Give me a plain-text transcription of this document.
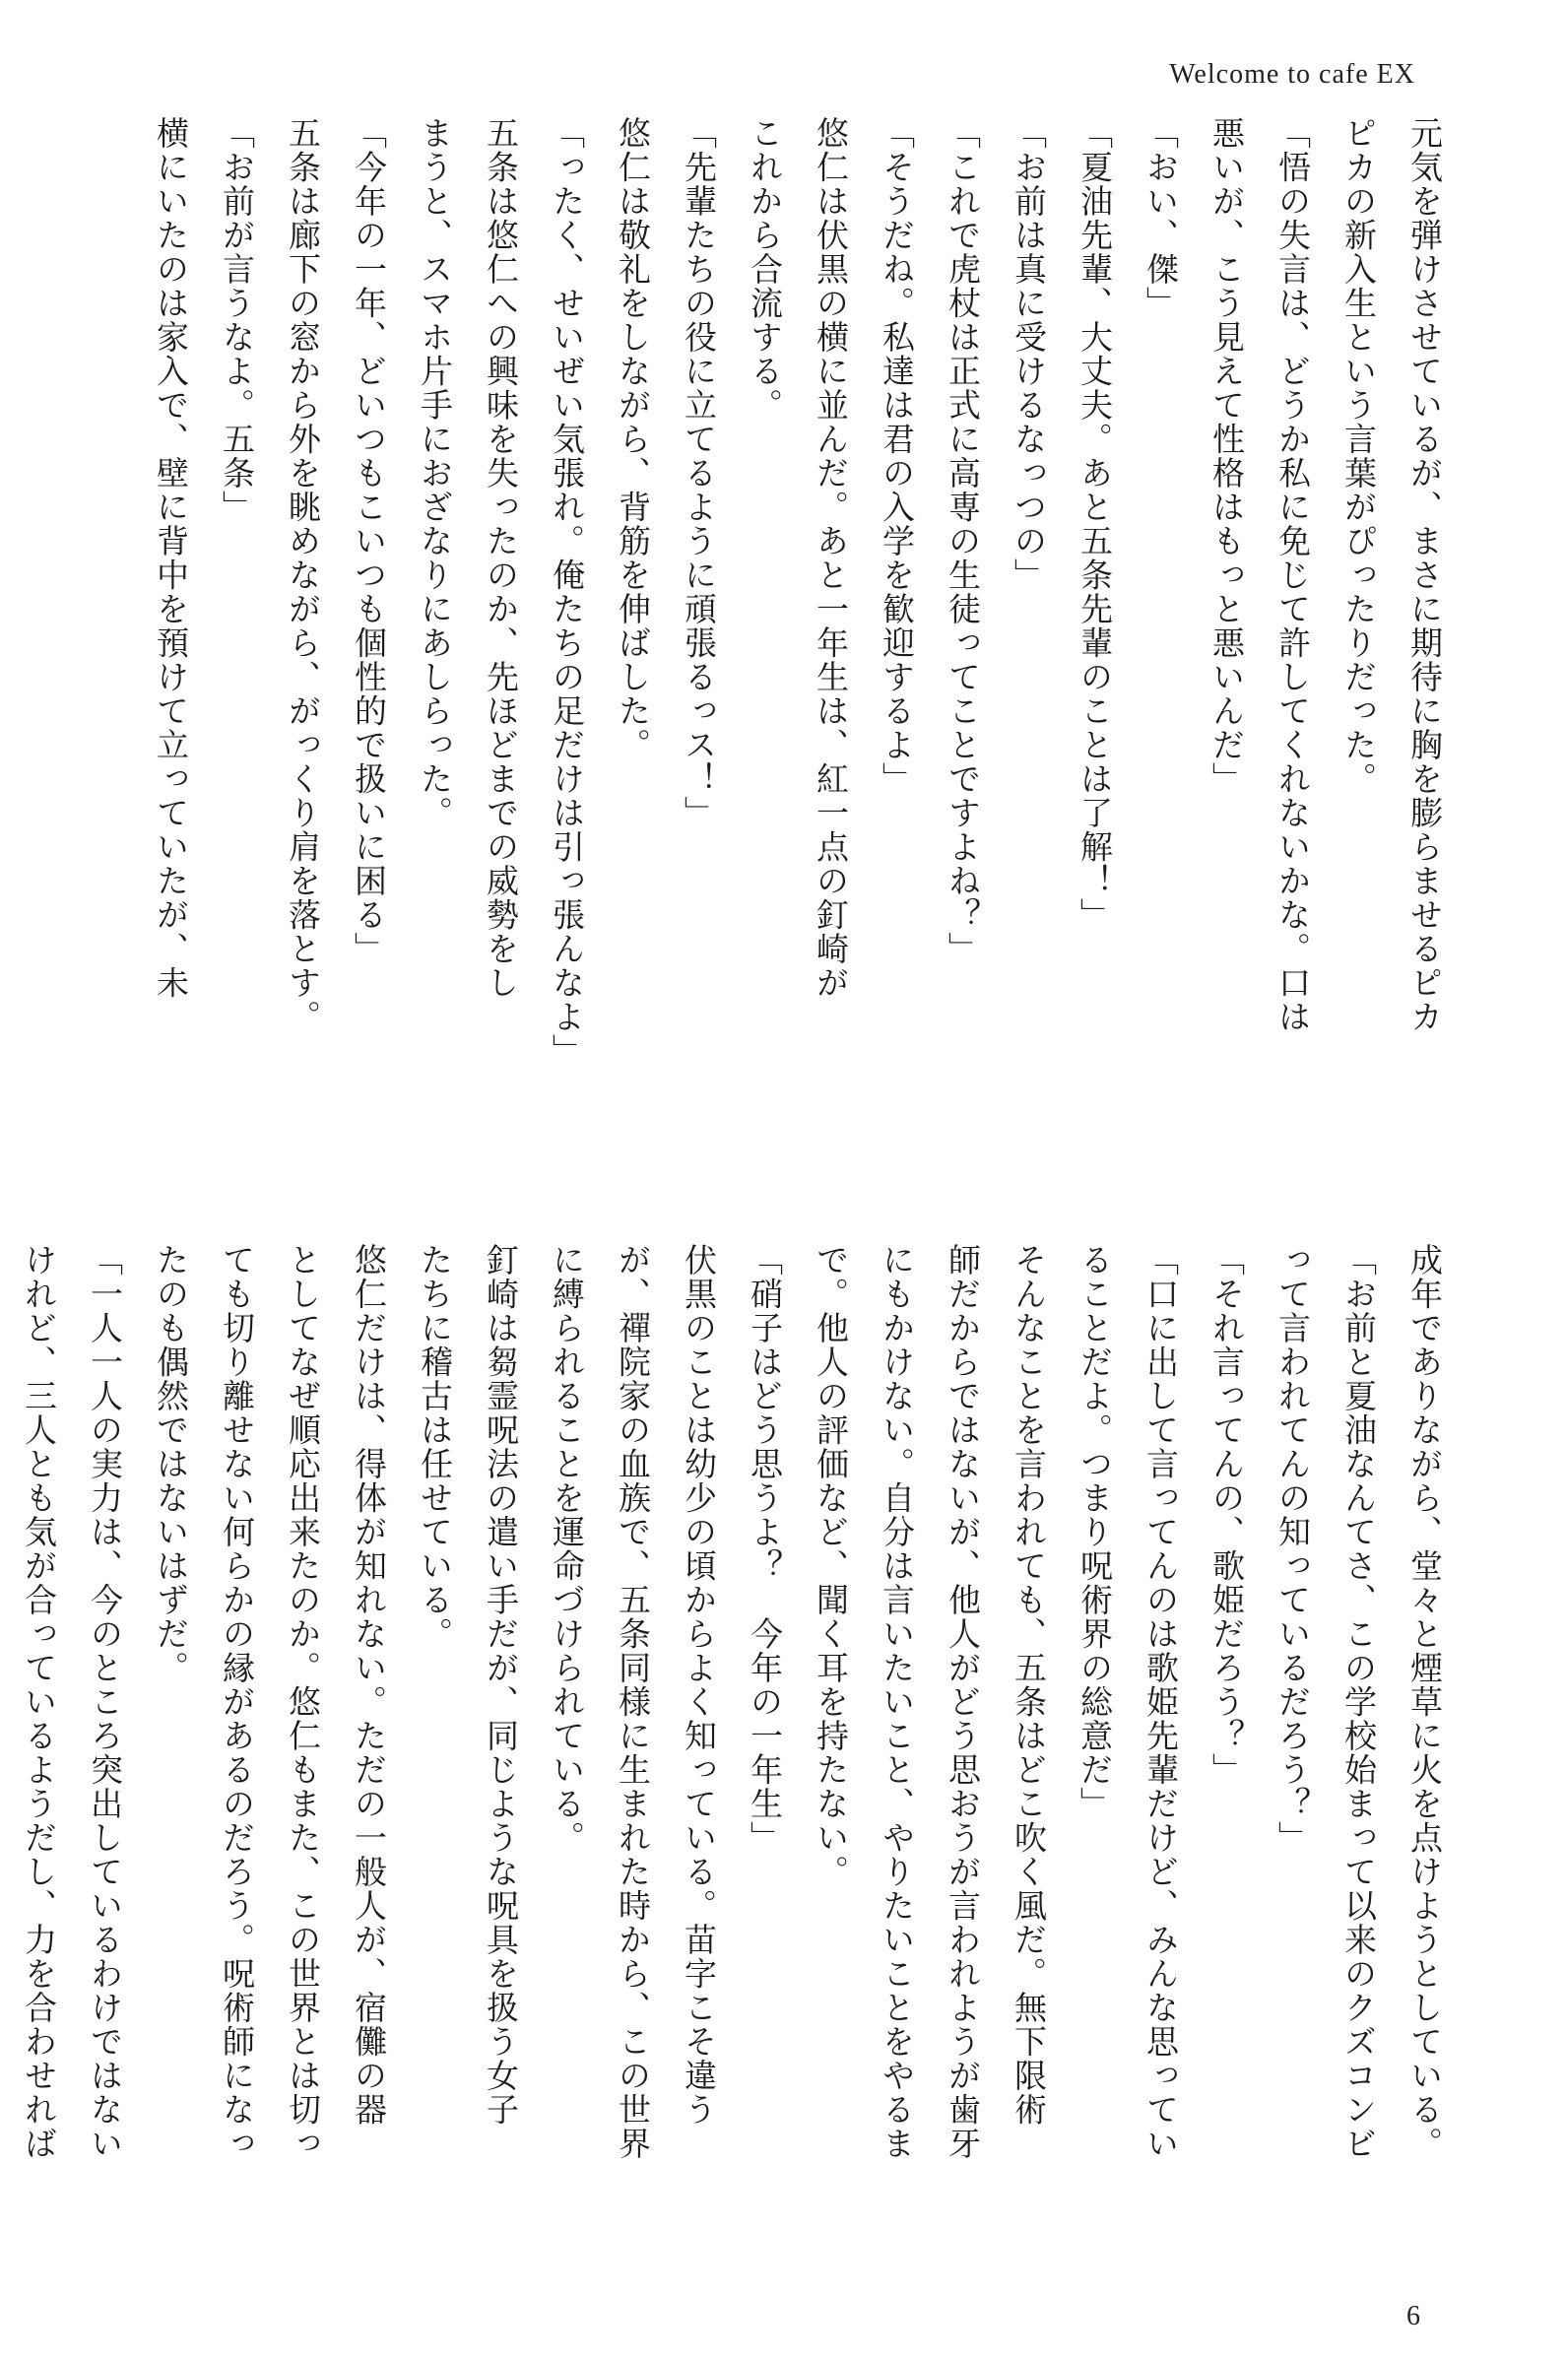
Welcome to cafe EX

元気を弾けさせているが、まさに期待に胸を膨らませるピカ

ピカの新入生という言葉がぴったりだった。

「悟の失言は、どうか私に免じて許してくれないかな。口は

悪いが、こう見えて性格はもっと悪いんだ」

「おい、傑」

「夏油先輩、大丈夫。あと五条先輩のことは了解！」

「お前は真に受けるなっつの」

「これで虎杖は正式に高専の生徒ってことですよね？」

「そうだね。私達は君の入学を歓迎するよ」

悠仁は伏黒の横に並んだ。あと一年生は、紅一点の釘崎が

これから合流する。

「先輩たちの役に立てるように頑張るっス！」

悠仁は敬礼をしながら、背筋を伸ばした。

「ったく、せいぜい気張れ。俺たちの足だけは引っ張んなよ」

五条は悠仁への興味を失ったのか、先ほどまでの威勢をし

まうと、スマホ片手におざなりにあしらった。

「今年の一年、どいつもこいつも個性的で扱いに困る」

五条は廊下の窓から外を眺めながら、がっくり肩を落とす。

「お前が言うなよ。五条」

横にいたのは家入で、壁に背中を預けて立っていたが、未

成年でありながら、堂々と煙草に火を点けようとしている。

「お前と夏油なんてさ、この学校始まって以来のクズコンビ

って言われてんの知っているだろう？」

「それ言ってんの、歌姫だろう？」

「口に出して言ってんのは歌姫先輩だけど、みんな思ってい

ることだよ。つまり呪術界の総意だ」

そんなことを言われても、五条はどこ吹く風だ。無下限術

師だからではないが、他人がどう思おうが言われようが歯牙

にもかけない。自分は言いたいこと、やりたいことをやるま

で。他人の評価など、聞く耳を持たない。

「硝子はどう思うよ？　今年の一年生」

伏黒のことは幼少の頃からよく知っている。苗字こそ違う

が、禪院家の血族で、五条同様に生まれた時から、この世界

に縛られることを運命づけられている。

釘崎は芻霊呪法の遣い手だが、同じような呪具を扱う女子

たちに稽古は任せている。

悠仁だけは、得体が知れない。ただの一般人が、宿儺の器

としてなぜ順応出来たのか。悠仁もまた、この世界とは切っ

ても切り離せない何らかの縁があるのだろう。呪術師になっ

たのも偶然ではないはずだ。

「一人一人の実力は、今のところ突出しているわけではない

けれど、三人とも気が合っているようだし、力を合わせれば

6
